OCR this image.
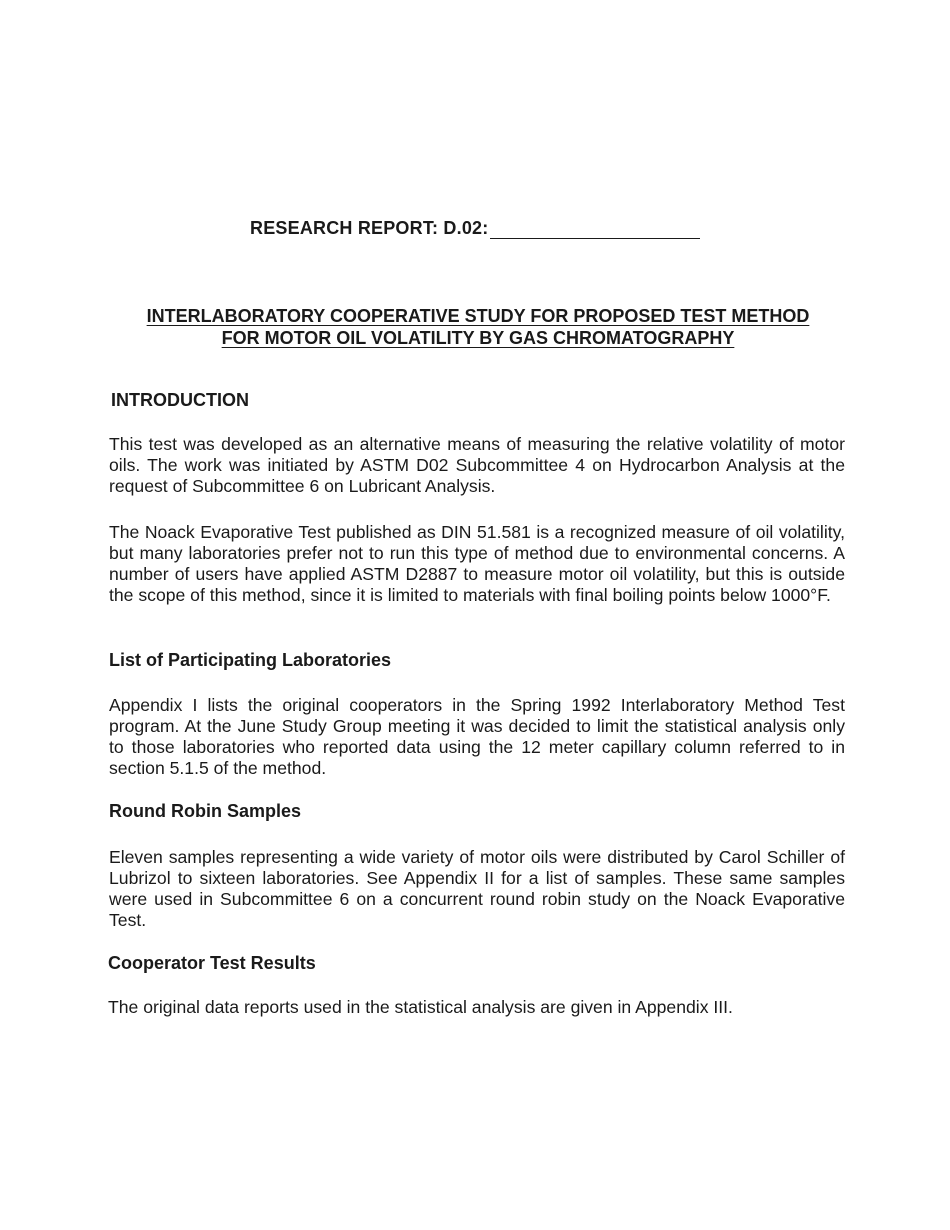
RESEARCH REPORT: D.02:
INTERLABORATORY COOPERATIVE STUDY FOR PROPOSED TEST METHOD
FOR MOTOR OIL VOLATILITY BY GAS CHROMATOGRAPHY
INTRODUCTION

This test was developed as an alternative means of measuring the relative volatility of motor oils. The work was initiated by ASTM D02 Subcommittee 4 on Hydrocarbon Analysis at the request of Subcommittee 6 on Lubricant Analysis.

The Noack Evaporative Test published as DIN 51.581 is a recognized measure of oil volatility, but many laboratories prefer not to run this type of method due to environmental concerns. A number of users have applied ASTM D2887 to measure motor oil volatility, but this is outside the scope of this method, since it is limited to materials with final boiling points below 1000°F.

List of Participating Laboratories

Appendix I lists the original cooperators in the Spring 1992 Interlaboratory Method Test program. At the June Study Group meeting it was decided to limit the statistical analysis only to those laboratories who reported data using the 12 meter capillary column referred to in section 5.1.5 of the method.

Round Robin Samples

Eleven samples representing a wide variety of motor oils were distributed by Carol Schiller of Lubrizol to sixteen laboratories. See Appendix II for a list of samples. These same samples were used in Subcommittee 6 on a concurrent round robin study on the Noack Evaporative Test.

Cooperator Test Results
The original data reports used in the statistical analysis are given in Appendix III.
